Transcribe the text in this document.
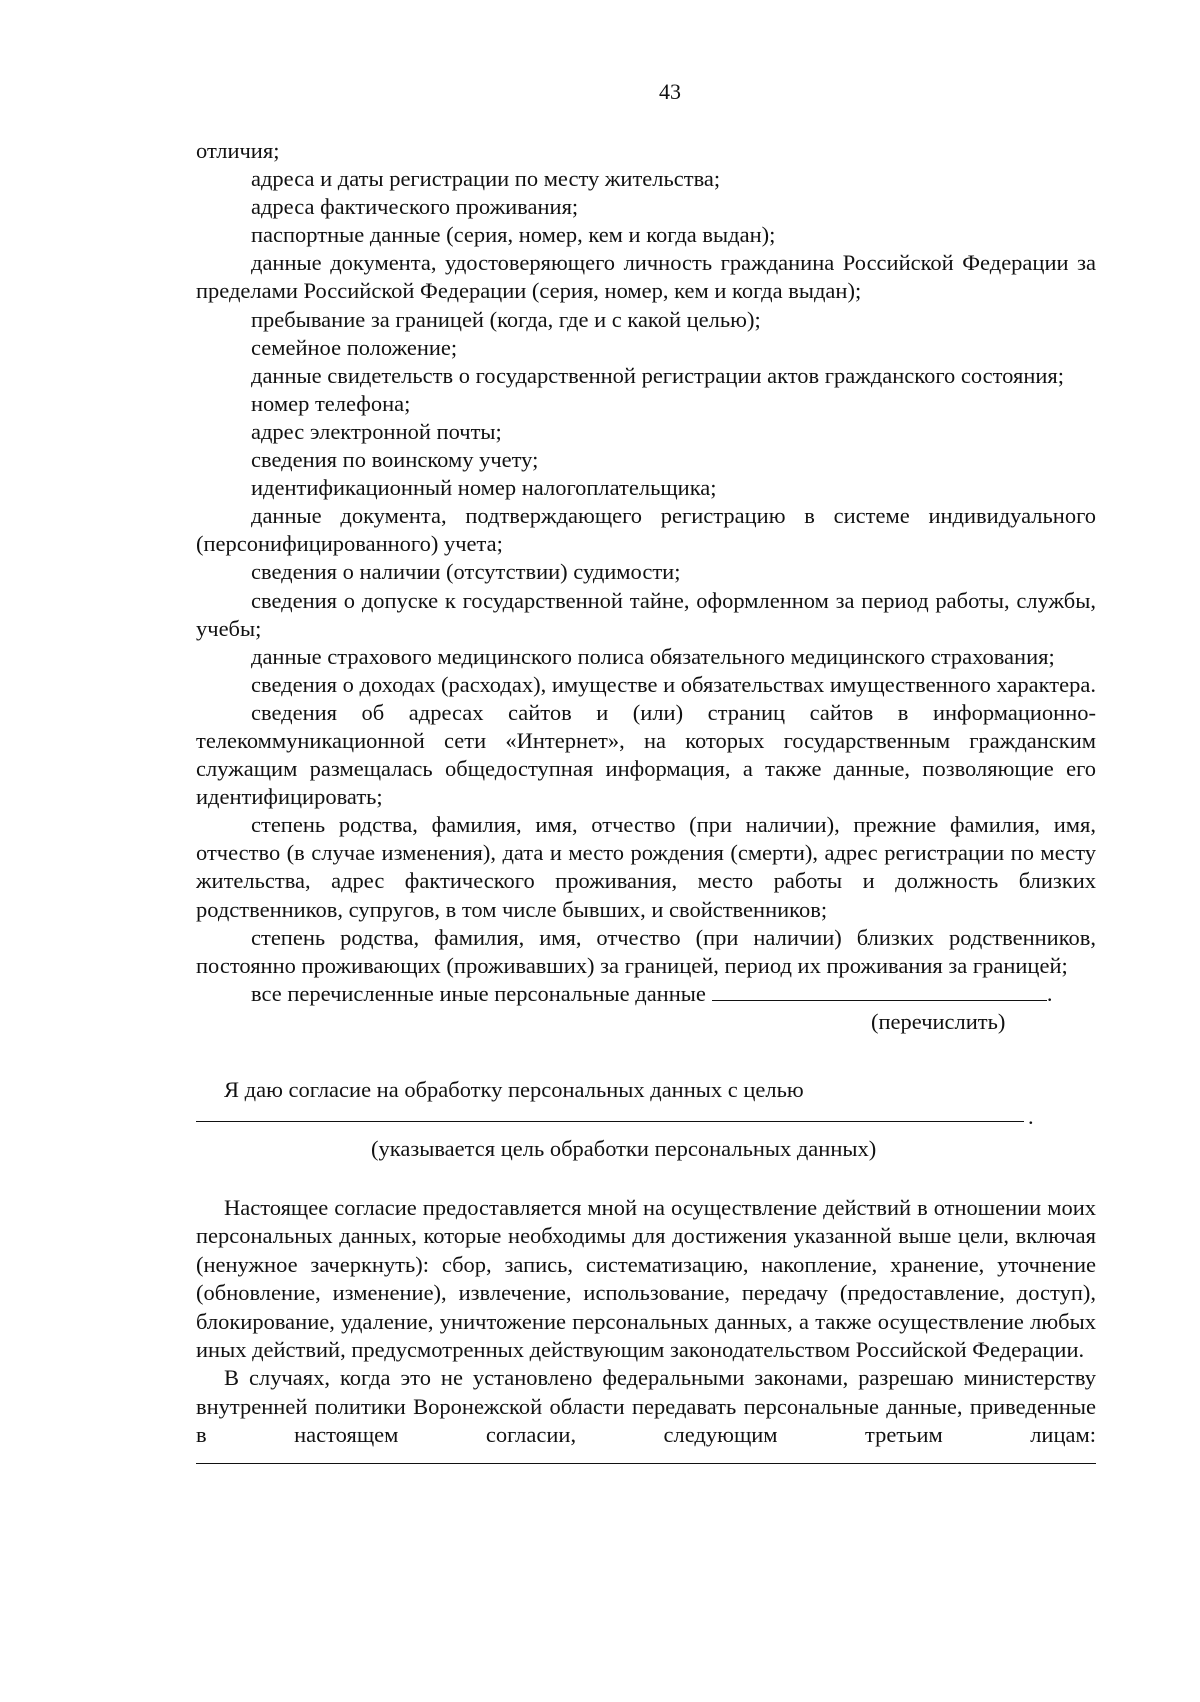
43

отличия;

адреса и даты регистрации по месту жительства;

адреса фактического проживания;

паспортные данные (серия, номер, кем и когда выдан);

данные документа, удостоверяющего личность гражданина Российской Федерации за пределами Российской Федерации (серия, номер, кем и когда выдан);

пребывание за границей (когда, где и с какой целью);

семейное положение;

данные свидетельств о государственной регистрации актов гражданского состояния;

номер телефона;

адрес электронной почты;

сведения по воинскому учету;

идентификационный номер налогоплательщика;

данные документа, подтверждающего регистрацию в системе индивидуального (персонифицированного) учета;

сведения о наличии (отсутствии) судимости;

сведения о допуске к государственной тайне, оформленном за период работы, службы, учебы;

данные страхового медицинского полиса обязательного медицинского страхования;

сведения о доходах (расходах), имуществе и обязательствах имущественного характера.

сведения об адресах сайтов и (или) страниц сайтов в информационно-телекоммуникационной сети «Интернет», на которых государственным гражданским служащим размещалась общедоступная информация, а также данные, позволяющие его идентифицировать;

степень родства, фамилия, имя, отчество (при наличии), прежние фамилия, имя, отчество (в случае изменения), дата и место рождения (смерти), адрес регистрации по месту жительства, адрес фактического проживания, место работы и должность близких родственников, супругов, в том числе бывших, и свойственников;

степень родства, фамилия, имя, отчество (при наличии) близких родственников, постоянно проживающих (проживавших) за границей, период их проживания за границей;

все перечисленные иные персональные данные	.

(перечислить)

Я даю согласие на обработку персональных данных с целью

.

(указывается цель обработки персональных данных)

Настоящее согласие предоставляется мной на осуществление действий в отношении моих персональных данных, которые необходимы для достижения указанной выше цели, включая (ненужное зачеркнуть): сбор, запись, систематизацию, накопление, хранение, уточнение (обновление, изменение), извлечение, использование, передачу (предоставление, доступ), блокирование, удаление, уничтожение персональных данных, а также осуществление любых иных действий, предусмотренных действующим законодательством Российской Федерации.

В случаях, когда это не установлено федеральными законами, разрешаю министерству внутренней политики Воронежской области передавать персональные данные, приведенные в настоящем согласии, следующим третьим лицам:
